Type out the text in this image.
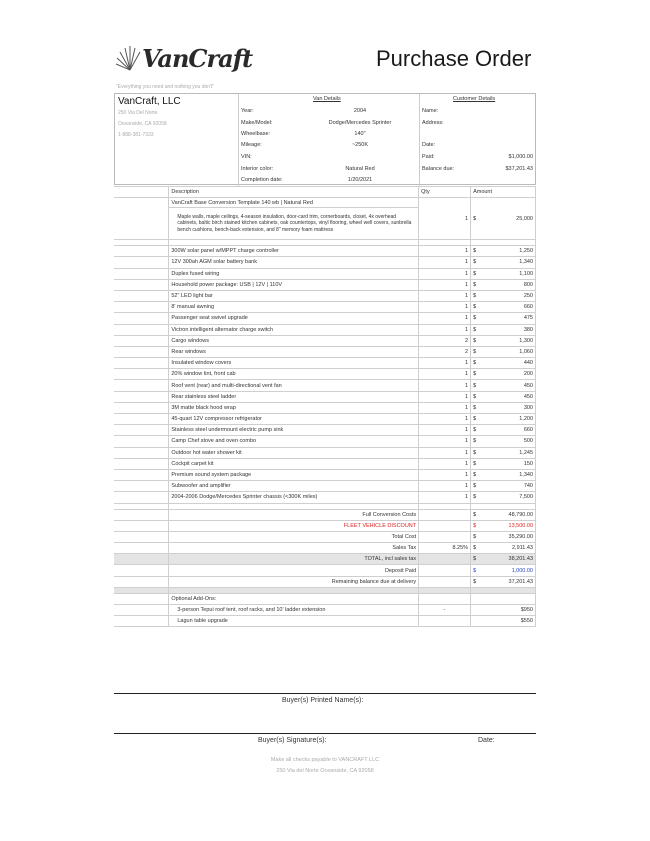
VanCraft
"Everything you need and nothing you don't"
Purchase Order
VanCraft, LLC
250 Via Del Norte
Oceanside, CA 92058
1-888-381-7333
Van Details
Year:	2004
Make/Model:	Dodge/Mercedes Sprinter
Wheelbase:	140"
Mileage:	~250K
VIN:
Interior color:	Natural Red
Completion date:	1/20/2021
Customer Details
Name:
Address:
Date:
Paid:	$1,000.00
Balance due:	$37,201.43
	Description	Qty	Amount
	VanCraft Base Conversion Template 140 wb | Natural Red	1	$ 25,000

	Maple walls, maple ceilings, 4-season insulation, door-card trim, cornerboards, closet, 4x overhead cabinets, baltic birch stained kitchen cabinets, oak countertops, vinyl flooring, wheel well covers, sunbrella bench cushions, bench-back extension, and 8" memory foam mattress		

	300W solar panel w/MPPT charge controller	1	$ 1,250

	12V 300ah AGM solar battery bank	1	$ 1,340

	Duplex fused wiring	1	$ 1,100

	Household power package: USB | 12V | 110V	1	$ 800

	52" LED light bar	1	$ 250

	8' manual awning	1	$ 660

	Passenger seat swivel upgrade	1	$ 475

	Victron intelligent alternator charge switch	1	$ 380

	Cargo windows	2	$ 1,300

	Rear windows	2	$ 1,060

	Insulated window covers	1	$ 440

	20% window tint, front cab	1	$ 200

	Roof vent (rear) and multi-directional vent fan	1	$ 450

	Rear stainless steel ladder	1	$ 450

	3M matte black hood wrap	1	$ 300

	45-quart 12V compressor refrigerator	1	$ 1,200

	Stainless steel undermount electric pump sink	1	$ 660

	Camp Chef stove and oven combo	1	$ 500

	Outdoor hot water shower kit	1	$ 1,245

	Cockpit carpet kit	1	$ 150

	Premium sound system package	1	$ 1,340

	Subwoofer and amplifier	1	$ 740

	2004-2006 Dodge/Mercedes Sprinter chassis (<300K miles)	1	$ 7,500

	Full Conversion Costs		$ 48,790.00

	FLEET VEHICLE DISCOUNT		$ 13,500.00

	Total Cost		$ 35,290.00

	Sales Tax	8.25%	$ 2,911.43

	TOTAL, incl sales tax		$ 38,201.43

	Deposit Paid		$ 1,000.00

	Remaining balance due at delivery		$ 37,201.43

	Optional Add-Ons:		
	3-person Tepui roof tent, roof racks, and 10' ladder extension	-	$950
	Lagun table upgrade		$550
Buyer(s) Printed Name(s):
Buyer(s) Signature(s):	Date:
Make all checks payable to VANCRAFT LLC
250 Via del Norte Oceanside, CA 92058
